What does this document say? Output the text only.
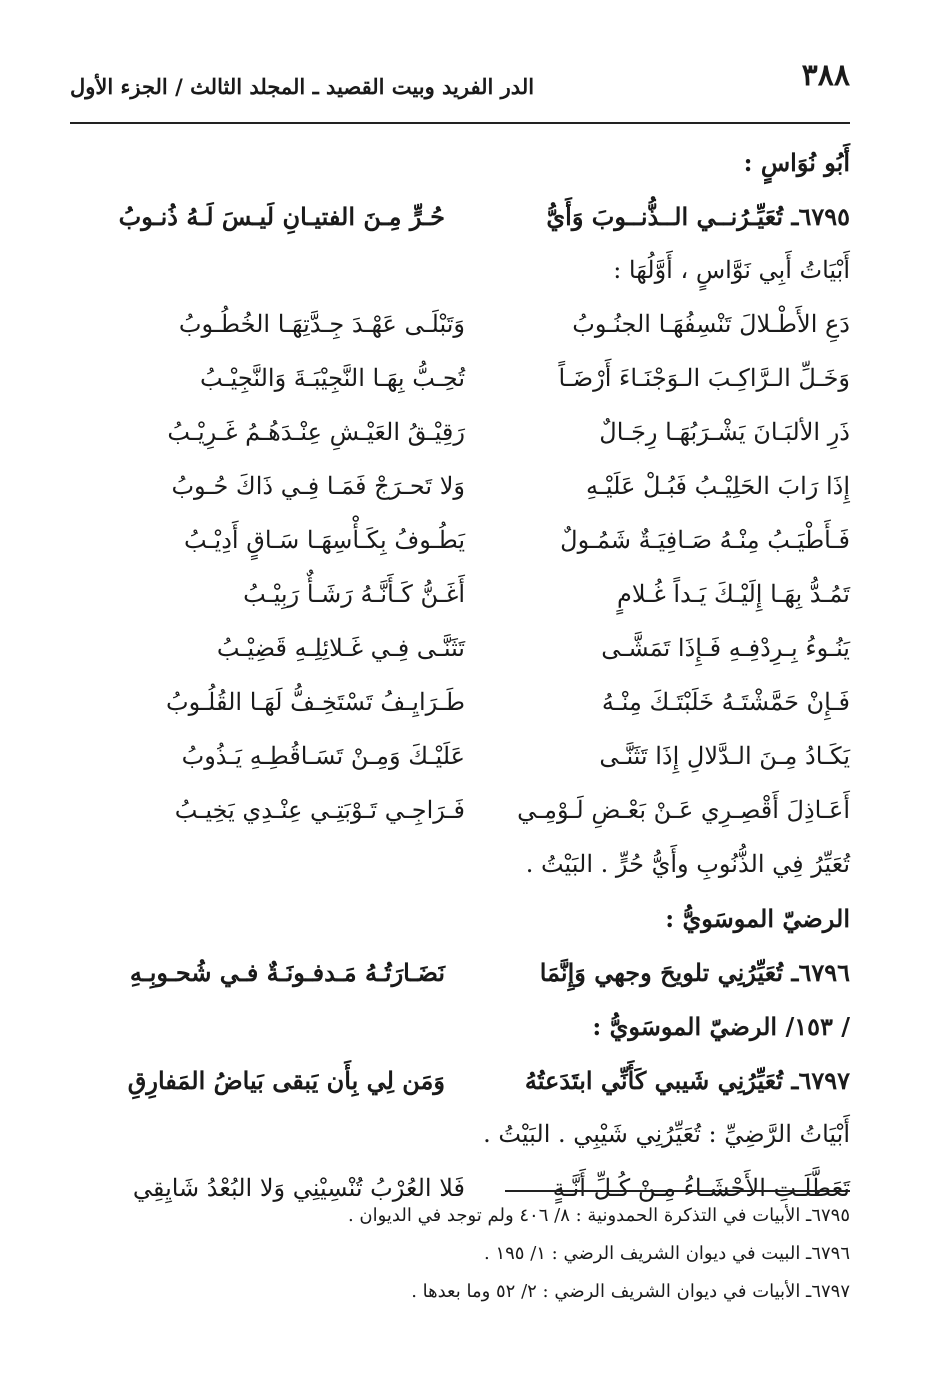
٣٨٨
الدر الفريد وبيت القصيد ـ المجلد الثالث / الجزء الأول
أَبُو نُوَاسٍ :
٦٧٩٥ـ تُعَيِّـرُنــي الــذُّنــوبَ وَأَيُّ
حُـرٍّ مِـنَ الفتيـانِ لَيـسَ لَـهُ ذُنـوبُ
أَبْيَاتُ أَبِي نَوَّاسٍ ، أَوَّلُهَا :
دَعِ الأَطْـلالَ تَنْسِفُهَـا الجنُـوبُ
وَتَبْلَـى عَهْـدَ جِـدَّتِهَـا الخُطُـوبُ
وَخَـلِّ الـرَّاكِـبَ الـوَجْنَـاءَ أَرْضَـاً
تُحِـبُّ بِهَـا النَّجِيْبَـةَ وَالنَّجِيْـبُ
ذَرِ الألبَـانَ يَشْـرَبُهَـا رِجَـالٌ
رَقِيْـقُ العَيْـشِ عِنْـدَهُـمُ غَـرِيْـبُ
إِذَا رَابَ الحَلِيْـبُ فَبُـلْ عَلَيْـهِ
وَلا تَحـرَجْ فَمَـا فِـي ذَاكَ حُـوبُ
فَـأَطْيَـبُ مِنْـهُ صَـافِيَـةٌ شَمُـولٌ
يَطُـوفُ بِكَـأْسِهَـا سَـاقٍ أَدِيْـبُ
تَمُـدُّ بِهَـا إِلَيْـكَ يَـداً غُـلامٍ
أَغَـنُّ كَـأَنَّـهُ رَشَـأٌ رَبِيْـبُ
يَنُـوءُ بِـرِدْفِـهِ فَـإِذَا تَمَشَّـى
تَثَنَّـى فِـي غَـلائِلِـهِ قَضِيْـبُ
فَـإِنْ حَمَّشْتَـهُ خَلَبْتَـكَ مِنْـهُ
طَـرَايِـفُ تَسْتَخِـفُّ لَهَـا القُلُـوبُ
يَكَـادُ مِـنَ الـدَّلالِ إِذَا تَثَنَّـى
عَلَيْـكَ وَمِـنْ تَسَـاقُطِـهِ يَـذُوبُ
أَعَـاذِلَ أَقْصِـرِي عَـنْ بَعْـضِ لَـوْمِـي
فَـرَاجِـي تَـوْبَتِـي عِنْـدِي يَخِيـبُ
تُعَيِّرُ فِي الذُّنُوبِ وأَيُّ حُرٍّ . البَيْتُ .
الرضيّ الموسَويُّ :
٦٧٩٦ـ تُعَيِّرُنِي تلويحَ وجهي وَإِنَّمَا
نَضَـارَتُـهُ مَـدفـونَـةٌ فـي شُحـوبِـهِ
/ ١٥٣/ الرضيّ الموسَويُّ :
٦٧٩٧ـ تُعَيِّرُنِي شَيبي كَأَنِّي ابتَدَعتُهُ
وَمَن لِي بِأَن يَبقى بَياضُ المَفارِقِ
أَبْيَاتُ الرَّضِيِّ : تُعَيِّرُنِي شَيْبِي . البَيْتُ .
تَعَطَّلَـتِ الأَحْشَـاءُ مِـنْ كُـلِّ أَنَّـةٍ
فَلا العُرْبُ تُنْسِيْنِي وَلا البُعْدُ شَايِقِي
٦٧٩٥ـ الأبيات في التذكرة الحمدونية : ٨/ ٤٠٦ ولم توجد في الديوان .
٦٧٩٦ـ البيت في ديوان الشريف الرضي : ١/ ١٩٥ .
٦٧٩٧ـ الأبيات في ديوان الشريف الرضي : ٢/ ٥٢ وما بعدها .
